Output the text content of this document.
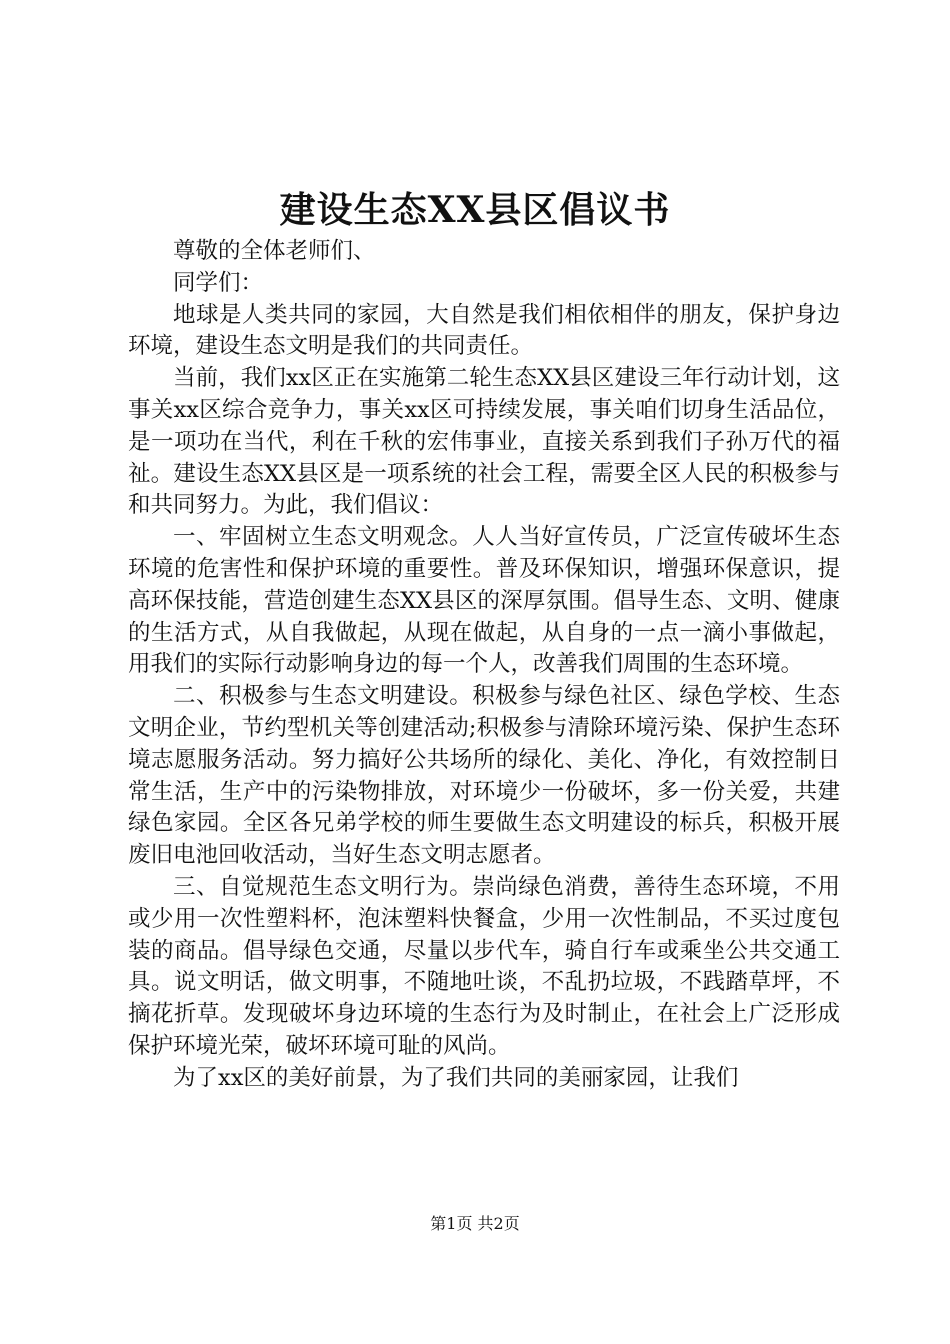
建设生态XX县区倡议书

尊敬的全体老师们、

同学们：

地球是人类共同的家园，大自然是我们相依相伴的朋友，保护身边环境，建设生态文明是我们的共同责任。

当前，我们xx区正在实施第二轮生态XX县区建设三年行动计划，这事关xx区综合竞争力，事关xx区可持续发展，事关咱们切身生活品位，是一项功在当代，利在千秋的宏伟事业，直接关系到我们子孙万代的福祉。建设生态XX县区是一项系统的社会工程，需要全区人民的积极参与和共同努力。为此，我们倡议：

一、牢固树立生态文明观念。人人当好宣传员，广泛宣传破坏生态环境的危害性和保护环境的重要性。普及环保知识，增强环保意识，提高环保技能，营造创建生态XX县区的深厚氛围。倡导生态、文明、健康的生活方式，从自我做起，从现在做起，从自身的一点一滴小事做起，用我们的实际行动影响身边的每一个人，改善我们周围的生态环境。

二、积极参与生态文明建设。积极参与绿色社区、绿色学校、生态文明企业，节约型机关等创建活动;积极参与清除环境污染、保护生态环境志愿服务活动。努力搞好公共场所的绿化、美化、净化，有效控制日常生活，生产中的污染物排放，对环境少一份破坏，多一份关爱，共建绿色家园。全区各兄弟学校的师生要做生态文明建设的标兵，积极开展废旧电池回收活动，当好生态文明志愿者。

三、自觉规范生态文明行为。崇尚绿色消费，善待生态环境，不用或少用一次性塑料杯，泡沫塑料快餐盒，少用一次性制品，不买过度包装的商品。倡导绿色交通，尽量以步代车，骑自行车或乘坐公共交通工具。说文明话，做文明事，不随地吐谈，不乱扔垃圾，不践踏草坪，不摘花折草。发现破坏身边环境的生态行为及时制止，在社会上广泛形成保护环境光荣，破坏环境可耻的风尚。

为了xx区的美好前景，为了我们共同的美丽家园，让我们

第1页 共2页
